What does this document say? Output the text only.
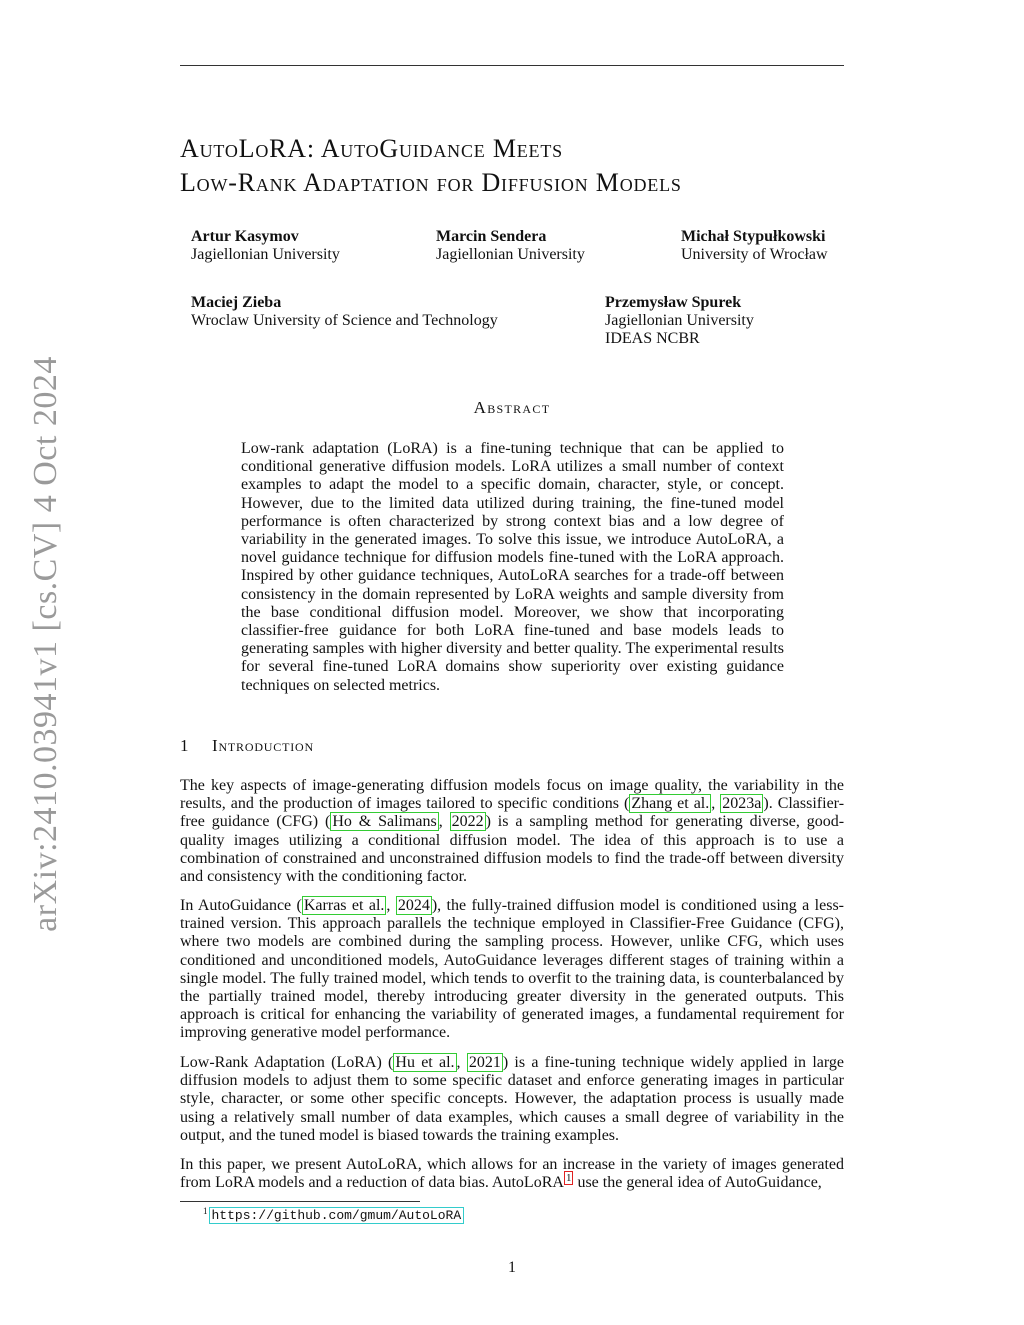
arXiv:2410.03941v1 [cs.CV] 4 Oct 2024
AutoLoRA: AutoGuidance Meets
Low-Rank Adaptation for Diffusion Models
Artur Kasymov
Jagiellonian University
Marcin Sendera
Jagiellonian University
Michał Stypułkowski
University of Wrocław
Maciej Zieba
Wroclaw University of Science and Technology
Przemysław Spurek
Jagiellonian University
IDEAS NCBR
Abstract
Low-rank adaptation (LoRA) is a fine-tuning technique that can be applied to conditional generative diffusion models. LoRA utilizes a small number of context examples to adapt the model to a specific domain, character, style, or concept. However, due to the limited data utilized during training, the fine-tuned model performance is often characterized by strong context bias and a low degree of variability in the generated images. To solve this issue, we introduce AutoLoRA, a novel guidance technique for diffusion models fine-tuned with the LoRA approach. Inspired by other guidance techniques, AutoLoRA searches for a trade-off between consistency in the domain represented by LoRA weights and sample diversity from the base conditional diffusion model. Moreover, we show that incorporating classifier-free guidance for both LoRA fine-tuned and base models leads to generating samples with higher diversity and better quality. The experimental results for several fine-tuned LoRA domains show superiority over existing guidance techniques on selected metrics.
1 Introduction

The key aspects of image-generating diffusion models focus on image quality, the variability in the results, and the production of images tailored to specific conditions ( Zhang et al. , 2023a ). Classifier-free guidance (CFG) ( Ho & Salimans , 2022 ) is a sampling method for generating diverse, good-quality images utilizing a conditional diffusion model. The idea of this approach is to use a combination of constrained and unconstrained diffusion models to find the trade-off between diversity and consistency with the conditioning factor.

In AutoGuidance ( Karras et al. , 2024 ), the fully-trained diffusion model is conditioned using a less-trained version. This approach parallels the technique employed in Classifier-Free Guidance (CFG), where two models are combined during the sampling process. However, unlike CFG, which uses conditioned and unconditioned models, AutoGuidance leverages different stages of training within a single model. The fully trained model, which tends to overfit to the training data, is counterbalanced by the partially trained model, thereby introducing greater diversity in the generated outputs. This approach is critical for enhancing the variability of generated images, a fundamental requirement for improving generative model performance.

Low-Rank Adaptation (LoRA) ( Hu et al. , 2021 ) is a fine-tuning technique widely applied in large diffusion models to adjust them to some specific dataset and enforce generating images in particular style, character, or some other specific concepts. However, the adaptation process is usually made using a relatively small number of data examples, which causes a small degree of variability in the output, and the tuned model is biased towards the training examples.

In this paper, we present AutoLoRA, which allows for an increase in the variety of images generated from LoRA models and a reduction of data bias. AutoLoRA $^1$ use the general idea of AutoGuidance,

$^1$ https://github.com/gmum/AutoLoRA
1
